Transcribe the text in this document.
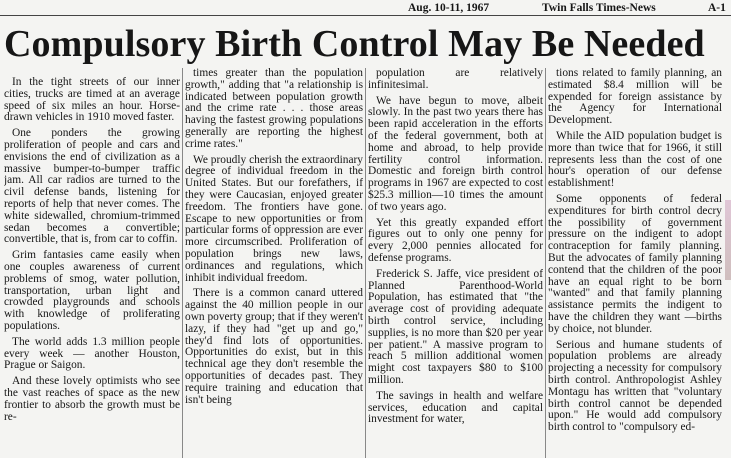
Aug. 10-11, 1967	Twin Falls Times-News	A-1
Compulsory Birth Control May Be Needed

In the tight streets of our inner cities, trucks are timed at an average speed of six miles an hour. Horse-drawn vehicles in 1910 moved faster.

One ponders the growing proliferation of people and cars and envisions the end of civilization as a massive bumper-to-bumper traffic jam. All car radios are turned to the civil defense bands, listening for reports of help that never comes. The white sidewalled, chromium-trimmed sedan becomes a convertible; convertible, that is, from car to coffin.

Grim fantasies came easily when one couples awareness of current problems of smog, water pollution, transportation, urban light and crowded playgrounds and schools with knowledge of proliferating populations.

The world adds 1.3 million people every week — another Houston, Prague or Saigon.

And these lovely optimists who see the vast reaches of space as the new frontier to absorb the growth must be re-

times greater than the population growth," adding that "a relationship is indicated between population growth and the crime rate . . . those areas having the fastest growing populations generally are reporting the highest crime rates."

We proudly cherish the extraordinary degree of individual freedom in the United States. But our forefathers, if they were Caucasian, enjoyed greater freedom. The frontiers have gone. Escape to new opportunities or from particular forms of oppression are ever more circumscribed. Proliferation of population brings new laws, ordinances and regulations, which inhibit individual freedom.

There is a common canard uttered against the 40 million people in our own poverty group; that if they weren't lazy, if they had "get up and go," they'd find lots of opportunities. Opportunities do exist, but in this technical age they don't resemble the opportunities of decades past. They require training and education that isn't being

population are relatively infinitesimal.

We have begun to move, albeit slowly. In the past two years there has been rapid acceleration in the efforts of the federal government, both at home and abroad, to help provide fertility control information. Domestic and foreign birth control programs in 1967 are expected to cost $25.3 million—10 times the amount of two years ago.

Yet this greatly expanded effort figures out to only one penny for every 2,000 pennies allocated for defense programs.

Frederick S. Jaffe, vice president of Planned Parenthood-World Population, has estimated that "the average cost of providing adequate birth control service, including supplies, is no more than $20 per year per patient." A massive program to reach 5 million additional women might cost taxpayers $80 to $100 million.

The savings in health and welfare services, education and capital investment for water,

tions related to family planning, an estimated $8.4 million will be expended for foreign assistance by the Agency for International Development.

While the AID population budget is more than twice that for 1966, it still represents less than the cost of one hour's operation of our defense establishment!

Some opponents of federal expenditures for birth control decry the possibility of government pressure on the indigent to adopt contraception for family planning. But the advocates of family planning contend that the children of the poor have an equal right to be born "wanted" and that family planning assistance permits the indigent to have the children they want —births by choice, not blunder.

Serious and humane students of population problems are already projecting a necessity for compulsory birth control. Anthropologist Ashley Montagu has written that "voluntary birth control cannot be depended upon." He would add compulsory birth control to "compulsory ed-
